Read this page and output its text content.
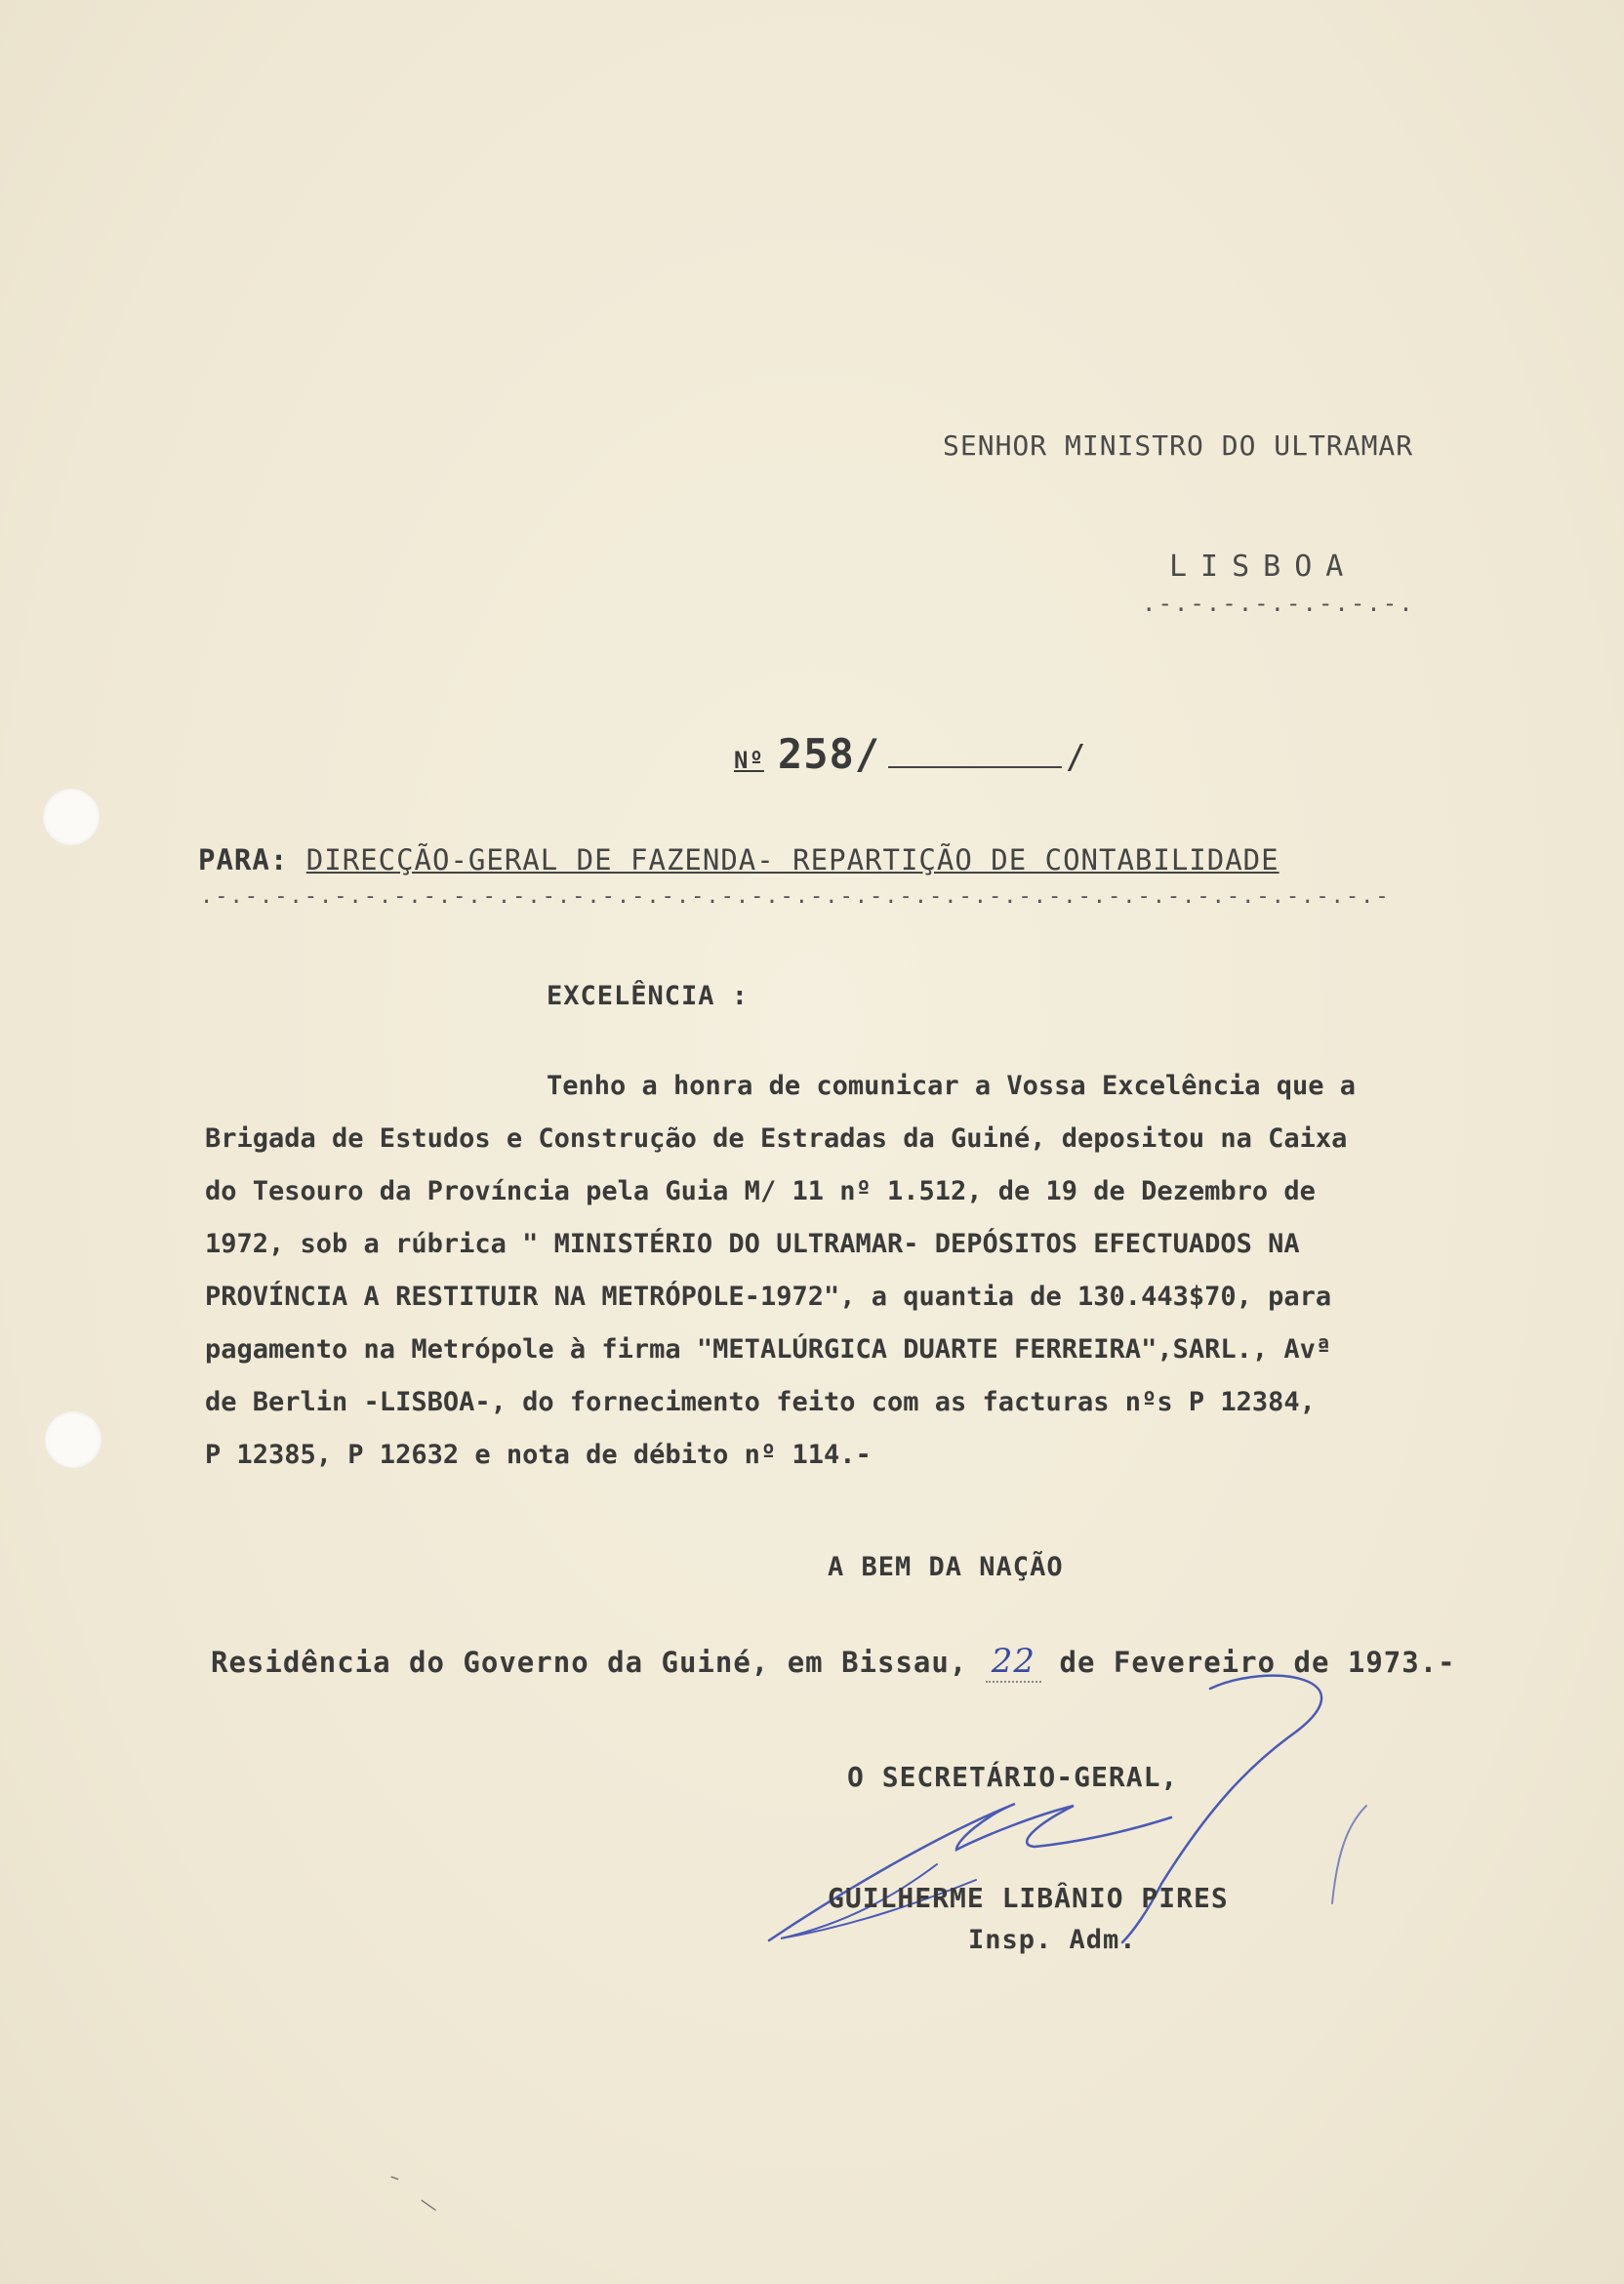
SENHOR MINISTRO DO ULTRAMAR
LISBOA
.-.-.-.-.-.-.-.-.
Nº 258/	/
PARA: DIRECÇÃO-GERAL DE FAZENDA- REPARTIÇÃO DE CONTABILIDADE
.-.-.-.-.-.-.-.-.-.-.-.-.-.-.-.-.-.-.-.-.-.-.-.-.-.-.-.-.-.-.-.-.-.-.-.-.-.-.-.-
EXCELÊNCIA :
Tenho a honra de comunicar a Vossa Excelência que a
Brigada de Estudos e Construção de Estradas da Guiné, depositou na Caixa
do Tesouro da Província pela Guia M/ 11 nº 1.512, de 19 de Dezembro de
1972, sob a rúbrica " MINISTÉRIO DO ULTRAMAR- DEPÓSITOS EFECTUADOS NA
PROVÍNCIA A RESTITUIR NA METRÓPOLE-1972", a quantia de 130.443$70, para
pagamento na Metrópole à firma "METALÚRGICA DUARTE FERREIRA",SARL., Avª
de Berlin -LISBOA-, do fornecimento feito com as facturas nºs P 12384,
P 12385, P 12632 e nota de débito nº 114.-
A BEM DA NAÇÃO
Residência do Governo da Guiné, em Bissau, 22 de Fevereiro de 1973.-
O SECRETÁRIO-GERAL,
GUILHERME LIBÂNIO PIRES
Insp. Adm.
—
–
